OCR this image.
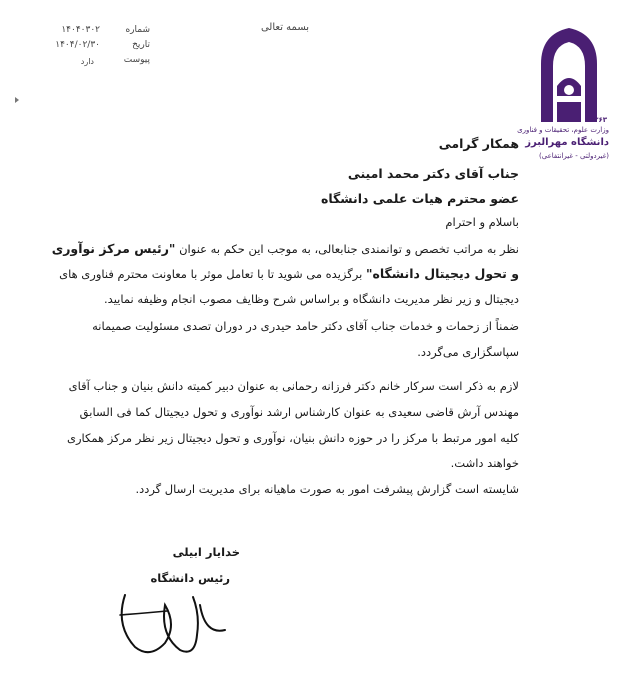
۱۳۶۳
وزارت علوم، تحقیقات و فناوری
دانشگاه مهرالبرز
(غیردولتی - غیرانتفاعی)
بسمه تعالی
شماره
۱۴۰۴۰۳۰۲
تاریخ
۱۴۰۴/۰۲/۳۰
پیوست
دارد
همکار گرامی
جناب آقای دکتر محمد امینی
عضو محترم هیات علمی دانشگاه
باسلام و احترام
نظر به مراتب تخصص و توانمندی جنابعالی، به موجب این حکم به عنوان "رئیس مرکز نوآوری
و تحول دیجیتال دانشگاه" برگزیده می شوید تا با تعامل موثر با معاونت محترم فناوری های
دیجیتال و زیر نظر مدیریت دانشگاه و براساس شرح وظایف مصوب انجام وظیفه نمایید.
ضمناً از زحمات و خدمات جناب آقای دکتر حامد حیدری در دوران تصدی مسئولیت صمیمانه
سپاسگزاری می‌گردد.
لازم به ذکر است سرکار خانم دکتر فرزانه رحمانی به عنوان دبیر کمیته دانش بنیان و جناب آقای
مهندس آرش قاضی سعیدی به عنوان کارشناس ارشد نوآوری و تحول دیجیتال کما فی السابق
کلیه امور مرتبط با مرکز را در حوزه دانش بنیان، نوآوری و تحول دیجیتال زیر نظر مرکز همکاری
خواهند داشت.
شایسته است گزارش پیشرفت امور به صورت ماهیانه برای مدیریت ارسال گردد.
خدایار ابیلی
رئیس دانشگاه
